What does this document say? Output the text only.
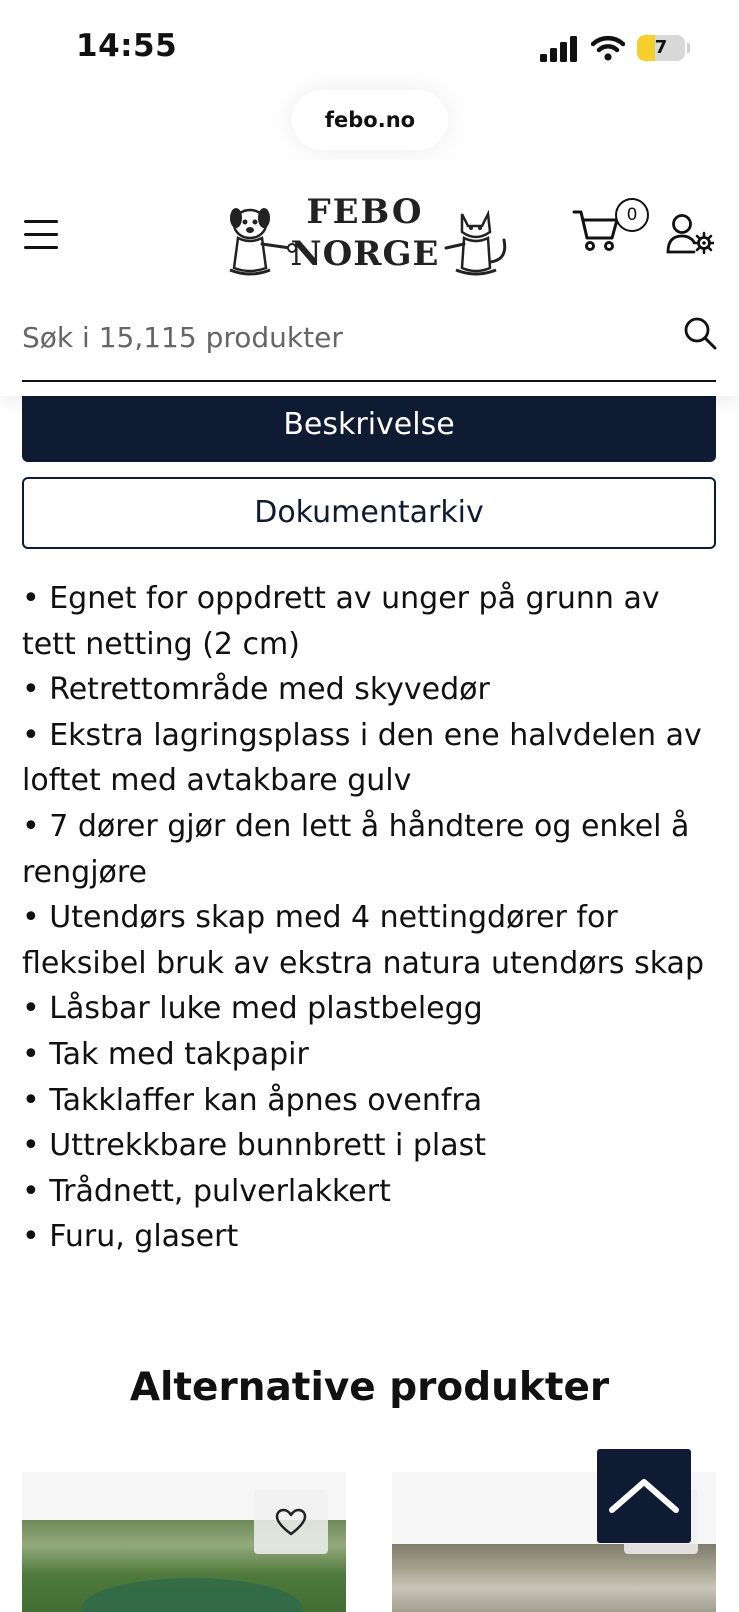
14:55	7
febo.no
FEBO
NORGE
0
Søk i 15,115 produkter
Beskrivelse
Dokumentarkiv
• Egnet for oppdrett av unger på grunn av tett netting (2 cm)
• Retrettområde med skyvedør
• Ekstra lagringsplass i den ene halvdelen av loftet med avtakbare gulv
• 7 dører gjør den lett å håndtere og enkel å rengjøre
• Utendørs skap med 4 nettingdører for fleksibel bruk av ekstra natura utendørs skap
• Låsbar luke med plastbelegg
• Tak med takpapir
• Takklaffer kan åpnes ovenfra
• Uttrekkbare bunnbrett i plast
• Trådnett, pulverlakkert
• Furu, glasert
Alternative produkter
